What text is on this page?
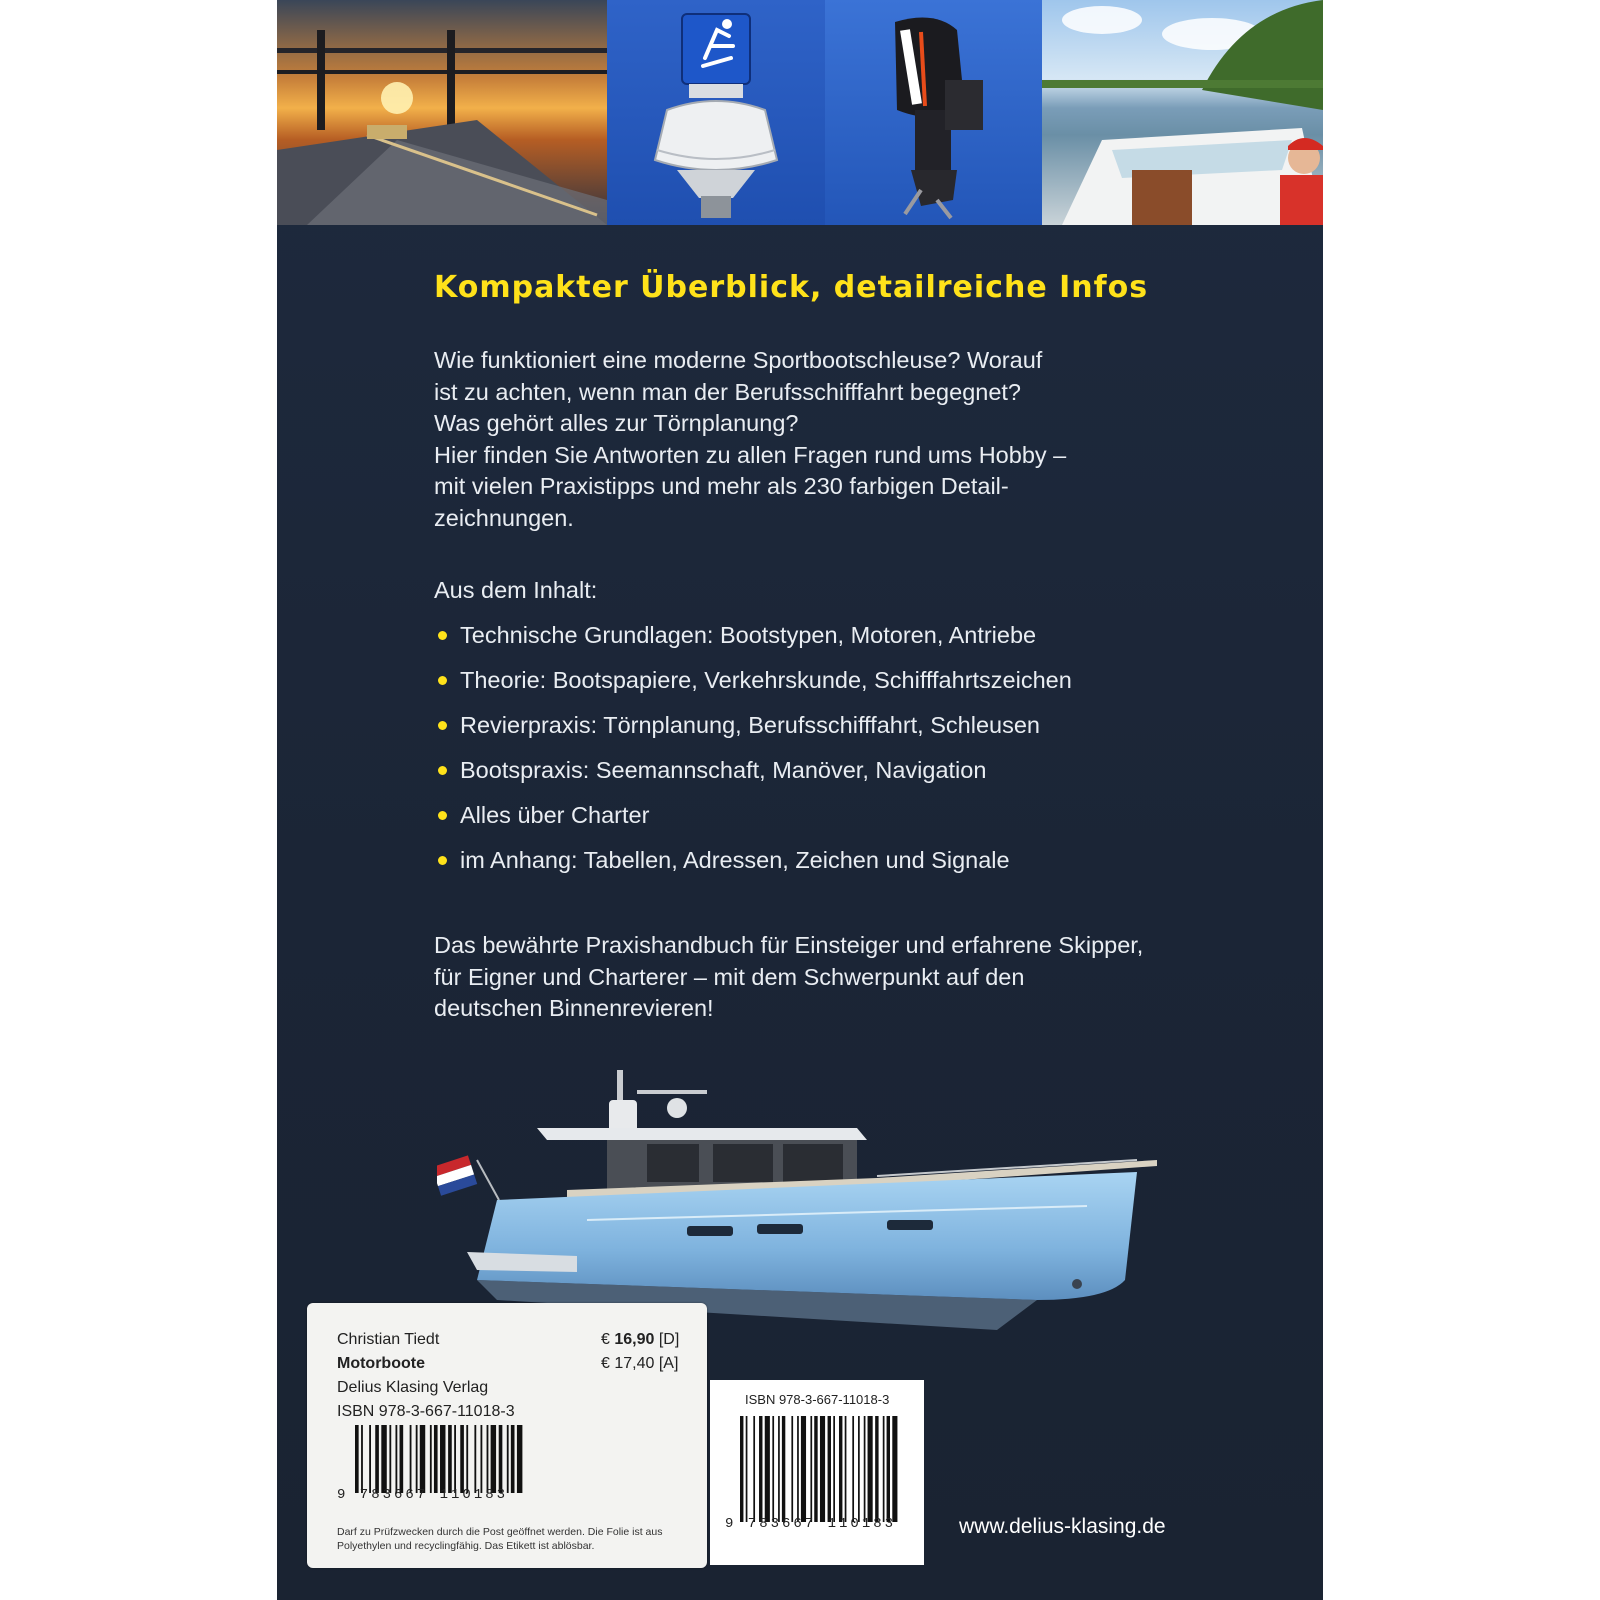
Kompakter Überblick, detailreiche Infos
Wie funktioniert eine moderne Sportbootschleuse? Worauf
ist zu achten, wenn man der Berufsschifffahrt begegnet?
Was gehört alles zur Törnplanung?
Hier finden Sie Antworten zu allen Fragen rund ums Hobby –
mit vielen Praxistipps und mehr als 230 farbigen Detail-
zeichnungen.
Aus dem Inhalt:
Technische Grundlagen: Bootstypen, Motoren, Antriebe
Theorie: Bootspapiere, Verkehrskunde, Schifffahrtszeichen
Revierpraxis: Törnplanung, Berufsschifffahrt, Schleusen
Bootspraxis: Seemannschaft, Manöver, Navigation
Alles über Charter
im Anhang: Tabellen, Adressen, Zeichen und Signale
Das bewährte Praxishandbuch für Einsteiger und erfahrene Skipper,
für Eigner und Charterer – mit dem Schwerpunkt auf den
deutschen Binnenrevieren!
Christian Tiedt
Motorboote
Delius Klasing Verlag
ISBN 978-3-667-11018-3
€ 16,90 [D]
€ 17,40 [A]
9 783667 110183
Darf zu Prüfzwecken durch die Post geöffnet werden. Die Folie ist aus Polyethylen und recyclingfähig. Das Etikett ist ablösbar.
ISBN 978-3-667-11018-3
9 783667 110183	www.delius-klasing.de
